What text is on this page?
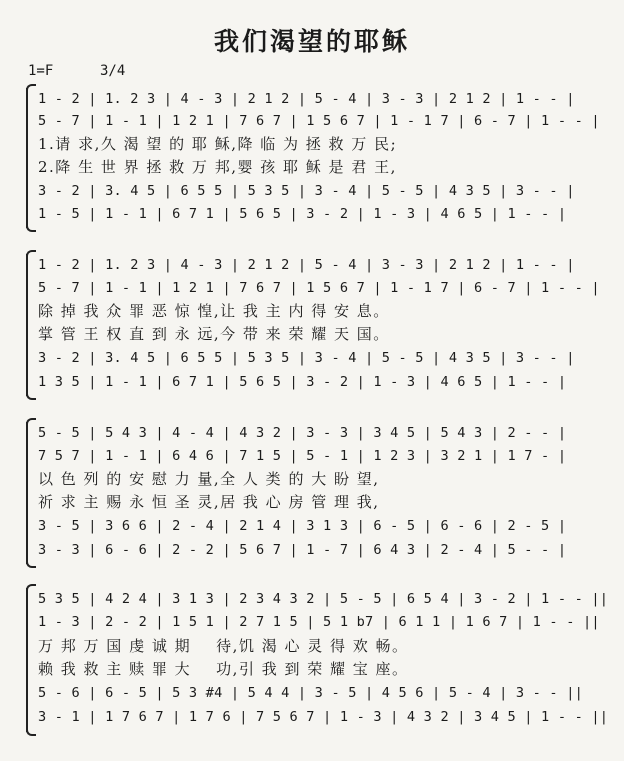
我们渴望的耶稣
1=F	3/4
1 - 2 | 1. 2 3 | 4 - 3 | 2 1 2 | 5 - 4 | 3 - 3 | 2 1 2 | 1 - - |
5 - 7 | 1 - 1 | 1 2 1 | 7 6 7 | 1 5 6 7 | 1 - 1 7 | 6 - 7 | 1 - - |
1.请 求,久 渴 望 的 耶 稣,降 临 为 拯 救 万 民;
2.降 生 世 界 拯 救 万 邦,婴 孩 耶 稣 是 君 王,
3 - 2 | 3. 4 5 | 6 5 5 | 5 3 5 | 3 - 4 | 5 - 5 | 4 3 5 | 3 - - |
1 - 5 | 1 - 1 | 6 7 1 | 5 6 5 | 3 - 2 | 1 - 3 | 4 6 5 | 1 - - |
1 - 2 | 1. 2 3 | 4 - 3 | 2 1 2 | 5 - 4 | 3 - 3 | 2 1 2 | 1 - - |
5 - 7 | 1 - 1 | 1 2 1 | 7 6 7 | 1 5 6 7 | 1 - 1 7 | 6 - 7 | 1 - - |
除 掉 我 众 罪 恶 惊 惶,让 我 主 内 得 安 息。
掌 管 王 权 直 到 永 远,今 带 来 荣 耀 天 国。
3 - 2 | 3. 4 5 | 6 5 5 | 5 3 5 | 3 - 4 | 5 - 5 | 4 3 5 | 3 - - |
1 3 5 | 1 - 1 | 6 7 1 | 5 6 5 | 3 - 2 | 1 - 3 | 4 6 5 | 1 - - |
5 - 5 | 5 4 3 | 4 - 4 | 4 3 2 | 3 - 3 | 3 4 5 | 5 4 3 | 2 - - |
7 5 7 | 1 - 1 | 6 4 6 | 7 1 5 | 5 - 1 | 1 2 3 | 3 2 1 | 1 7 - |
以 色 列 的 安 慰 力 量,全 人 类 的 大 盼 望,
祈 求 主 赐 永 恒 圣 灵,居 我 心 房 管 理 我,
3 - 5 | 3 6 6 | 2 - 4 | 2 1 4 | 3 1 3 | 6 - 5 | 6 - 6 | 2 - 5 |
3 - 3 | 6 - 6 | 2 - 2 | 5 6 7 | 1 - 7 | 6 4 3 | 2 - 4 | 5 - - |
5 3 5 | 4 2 4 | 3 1 3 | 2 3 4 3 2 | 5 - 5 | 6 5 4 | 3 - 2 | 1 - - ||
1 - 3 | 2 - 2 | 1 5 1 | 2 7 1 5 | 5 1 b7 | 6 1 1 | 1 6 7 | 1 - - ||
万 邦 万 国 虔 诚 期    待,饥 渴 心 灵 得 欢 畅。
赖 我 救 主 赎 罪 大    功,引 我 到 荣 耀 宝 座。
5 - 6 | 6 - 5 | 5 3 #4 | 5 4 4 | 3 - 5 | 4 5 6 | 5 - 4 | 3 - - ||
3 - 1 | 1 7 6 7 | 1 7 6 | 7 5 6 7 | 1 - 3 | 4 3 2 | 3 4 5 | 1 - - ||
